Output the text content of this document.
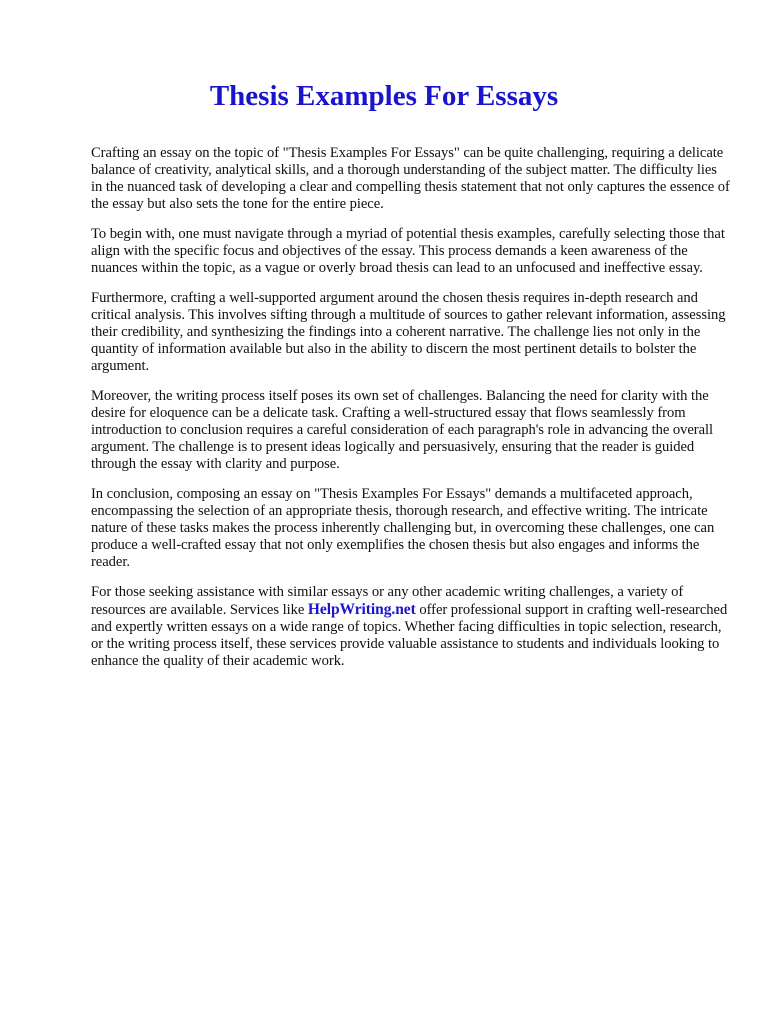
Thesis Examples For Essays

Crafting an essay on the topic of "Thesis Examples For Essays" can be quite challenging, requiring a delicate balance of creativity, analytical skills, and a thorough understanding of the subject matter. The difficulty lies in the nuanced task of developing a clear and compelling thesis statement that not only captures the essence of the essay but also sets the tone for the entire piece.

To begin with, one must navigate through a myriad of potential thesis examples, carefully selecting those that align with the specific focus and objectives of the essay. This process demands a keen awareness of the nuances within the topic, as a vague or overly broad thesis can lead to an unfocused and ineffective essay.

Furthermore, crafting a well-supported argument around the chosen thesis requires in-depth research and critical analysis. This involves sifting through a multitude of sources to gather relevant information, assessing their credibility, and synthesizing the findings into a coherent narrative. The challenge lies not only in the quantity of information available but also in the ability to discern the most pertinent details to bolster the argument.

Moreover, the writing process itself poses its own set of challenges. Balancing the need for clarity with the desire for eloquence can be a delicate task. Crafting a well-structured essay that flows seamlessly from introduction to conclusion requires a careful consideration of each paragraph's role in advancing the overall argument. The challenge is to present ideas logically and persuasively, ensuring that the reader is guided through the essay with clarity and purpose.

In conclusion, composing an essay on "Thesis Examples For Essays" demands a multifaceted approach, encompassing the selection of an appropriate thesis, thorough research, and effective writing. The intricate nature of these tasks makes the process inherently challenging but, in overcoming these challenges, one can produce a well-crafted essay that not only exemplifies the chosen thesis but also engages and informs the reader.

For those seeking assistance with similar essays or any other academic writing challenges, a variety of resources are available. Services like HelpWriting.net offer professional support in crafting well-researched and expertly written essays on a wide range of topics. Whether facing difficulties in topic selection, research, or the writing process itself, these services provide valuable assistance to students and individuals looking to enhance the quality of their academic work.
